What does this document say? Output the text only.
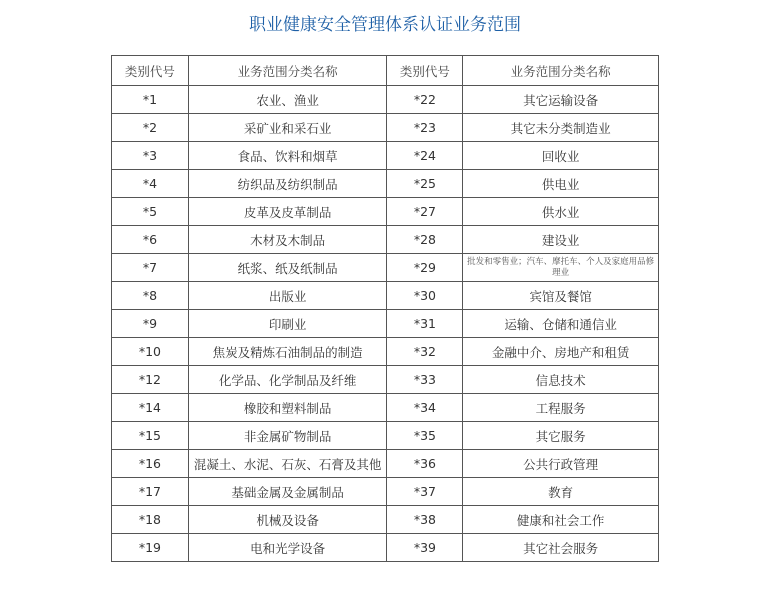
职业健康安全管理体系认证业务范围
类别代号	业务范围分类名称	类别代号	业务范围分类名称
*1	农业、渔业	*22	其它运输设备
*2	采矿业和采石业	*23	其它未分类制造业
*3	食品、饮料和烟草	*24	回收业
*4	纺织品及纺织制品	*25	供电业
*5	皮革及皮革制品	*27	供水业
*6	木材及木制品	*28	建设业
*7	纸浆、纸及纸制品	*29	批发和零售业；汽车、摩托车、个人及家庭用品修理业
*8	出版业	*30	宾馆及餐馆
*9	印刷业	*31	运输、仓储和通信业
*10	焦炭及精炼石油制品的制造	*32	金融中介、房地产和租赁
*12	化学品、化学制品及纤维	*33	信息技术
*14	橡胶和塑料制品	*34	工程服务
*15	非金属矿物制品	*35	其它服务
*16	混凝土、水泥、石灰、石膏及其他	*36	公共行政管理
*17	基础金属及金属制品	*37	教育
*18	机械及设备	*38	健康和社会工作
*19	电和光学设备	*39	其它社会服务
